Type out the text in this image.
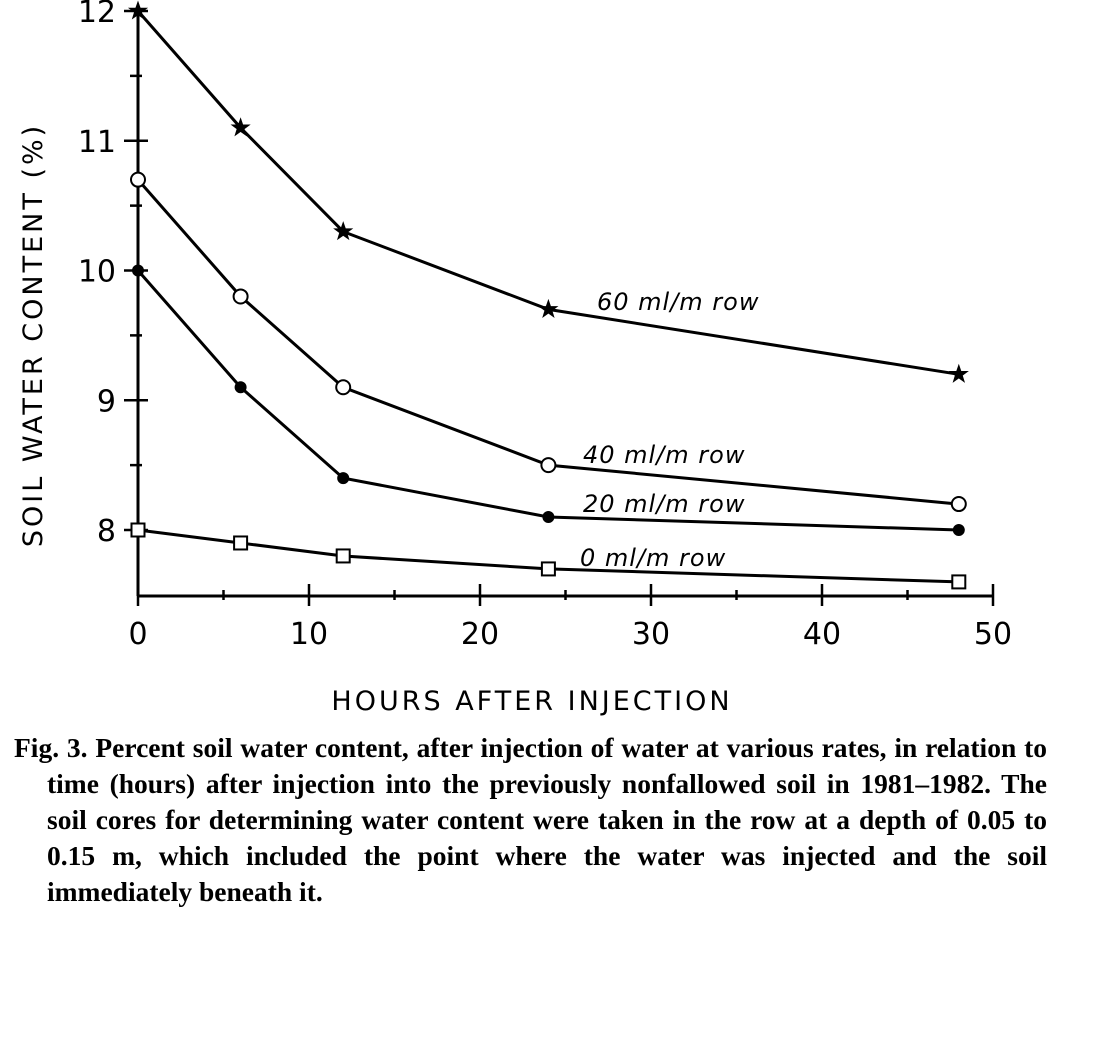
0	10	20	30	40	50
8
9
10
11
12
HOURS AFTER INJECTION
SOIL WATER CONTENT (%)	60 ml/m row
40 ml/m row
20 ml/m row
0 ml/m row

Fig. 3. Percent soil water content, after injection of water at various rates, in relation to time (hours) after injection into the previously nonfallowed soil in 1981–1982. The soil cores for determining water content were taken in the row at a depth of 0.05 to 0.15 m, which included the point where the water was injected and the soil immediately beneath it.
